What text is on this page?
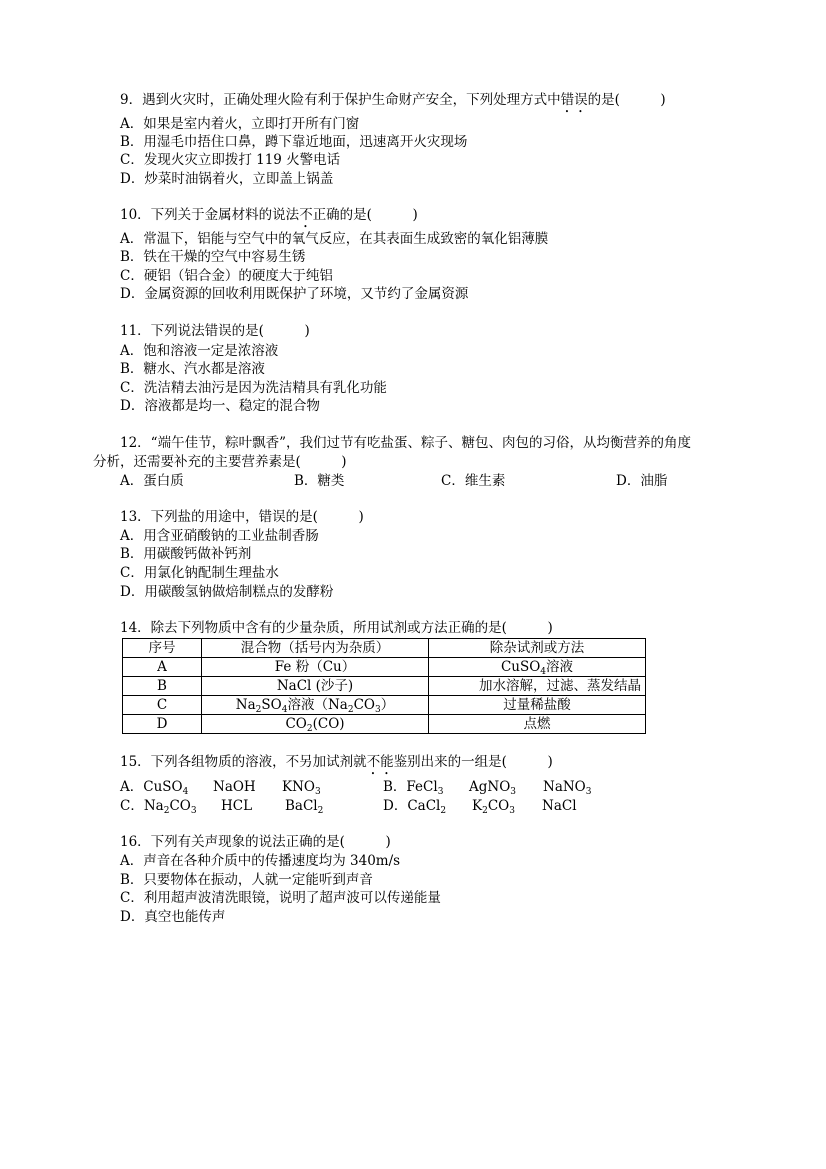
9．遇到火灾时，正确处理火险有利于保护生命财产安全，下列处理方式中错误的是(　　　)
A．如果是室内着火，立即打开所有门窗
B．用湿毛巾捂住口鼻，蹲下靠近地面，迅速离开火灾现场
C．发现火灾立即拨打 119 火警电话
D．炒菜时油锅着火，立即盖上锅盖
10．下列关于金属材料的说法不正确的是(　　　)
A．常温下，铝能与空气中的氧气反应，在其表面生成致密的氧化铝薄膜
B．铁在干燥的空气中容易生锈
C．硬铝（铝合金）的硬度大于纯铝
D．金属资源的回收利用既保护了环境，又节约了金属资源
11．下列说法错误的是(　　　)
A．饱和溶液一定是浓溶液
B．糖水、汽水都是溶液
C．洗洁精去油污是因为洗洁精具有乳化功能
D．溶液都是均一、稳定的混合物
12．“端午佳节，粽叶飘香”，我们过节有吃盐蛋、粽子、糖包、肉包的习俗，从均衡营养的角度
分析，还需要补充的主要营养素是(　　　)
A．蛋白质	B．糖类	C．维生素	D．油脂
13．下列盐的用途中，错误的是(　　　)
A．用含亚硝酸钠的工业盐制香肠
B．用碳酸钙做补钙剂
C．用氯化钠配制生理盐水
D．用碳酸氢钠做焙制糕点的发酵粉
14．除去下列物质中含有的少量杂质，所用试剂或方法正确的是(　　　)
序号	混合物（括号内为杂质）	除杂试剂或方法
A	Fe 粉（Cu）	CuSO$_4$溶液
B	NaCl (沙子)	加水溶解，过滤、蒸发结晶
C	$Na_2SO_4$溶液$(Na_2CO_3)$	过量稀盐酸
D	$CO_2(CO)$	点燃
15．下列各组物质的溶液，不另加试剂就不能鉴别出来的一组是(　　　)
A．CuSO$_4$ NaOH $KNO_3$	B．FeCl$_3$ AgNO$_3$ NaNO$_3$
C．$Na_2CO_3$ HCL BaCl$_2$	D．CaCl$_2$ $K_2CO_3$ NaCl
16．下列有关声现象的说法正确的是(　　　)
A．声音在各种介质中的传播速度均为 340m/s
B．只要物体在振动，人就一定能听到声音
C．利用超声波清洗眼镜，说明了超声波可以传递能量
D．真空也能传声
